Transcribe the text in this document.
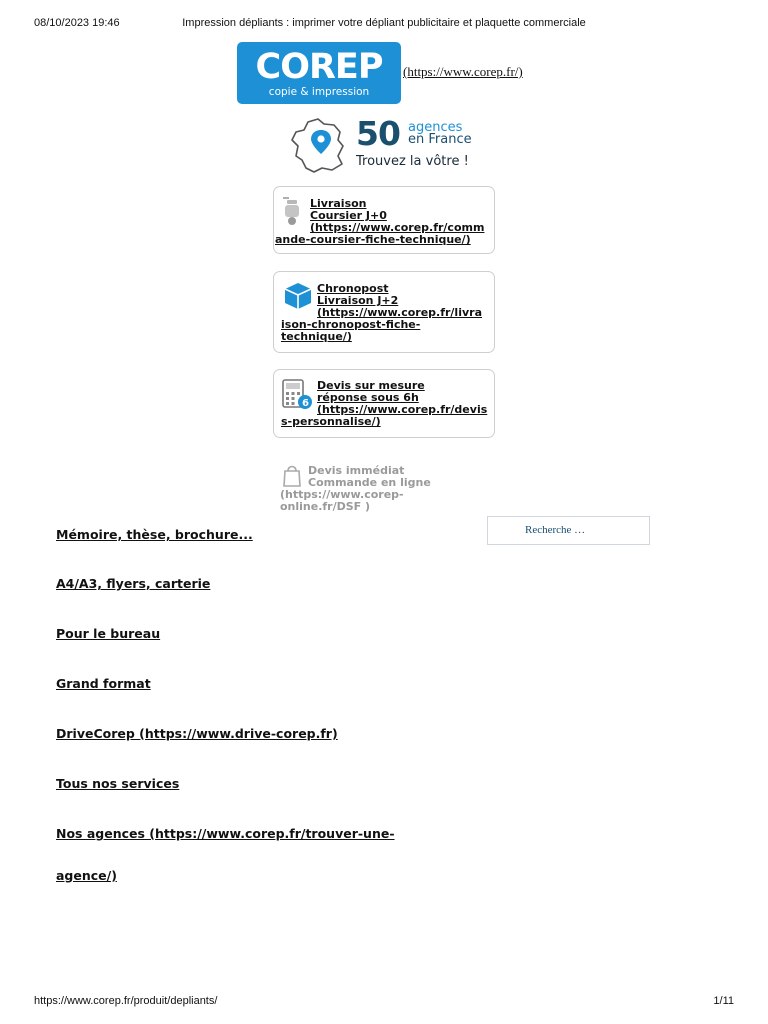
08/10/2023 19:46	Impression dépliants : imprimer votre dépliant publicitaire et plaquette commerciale
COREP
copie & impression
(https://www.corep.fr/)
50 agences
en France
Trouvez la vôtre !
Livraison
Coursier J+0
(https://www.corep.fr/comm
ande-coursier-fiche-technique/)
Chronopost
Livraison J+2
(https://www.corep.fr/livra
ison-chronopost-fiche-
technique/)
6
Devis sur mesure
réponse sous 6h
(https://www.corep.fr/devis
s-personnalise/)
Devis immédiat
Commande en ligne
(https://www.corep-
online.fr/DSF )
Recherche …
Mémoire, thèse, brochure...
A4/A3, flyers, carterie
Pour le bureau
Grand format
DriveCorep (https://www.drive-corep.fr)
Tous nos services
Nos agences (https://www.corep.fr/trouver-une-
agence/)
https://www.corep.fr/produit/depliants/	1/11
